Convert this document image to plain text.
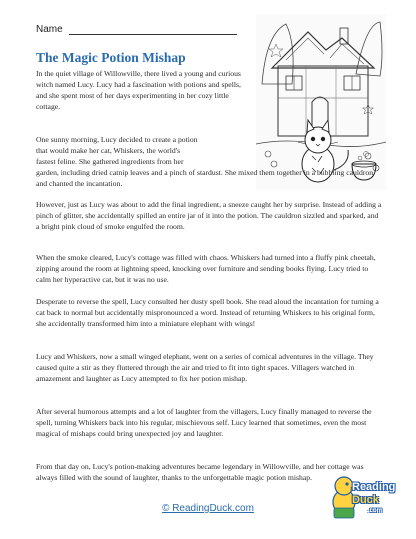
Name
The Magic Potion Mishap

In the quiet village of Willowville, there lived a young and curious witch named Lucy. Lucy had a fascination with potions and spells, and she spent most of her days experimenting in her cozy little cottage.

One sunny morning, Lucy decided to create a potion
that would make her cat, Whiskers, the world's
fastest feline. She gathered ingredients from her
garden, including dried catnip leaves and a pinch of stardust. She mixed them together in a bubbling cauldron and chanted the incantation.

However, just as Lucy was about to add the final ingredient, a sneeze caught her by surprise. Instead of adding a pinch of glitter, she accidentally spilled an entire jar of it into the potion. The cauldron sizzled and sparked, and a bright pink cloud of smoke engulfed the room.

When the smoke cleared, Lucy's cottage was filled with chaos. Whiskers had turned into a fluffy pink cheetah, zipping around the room at lightning speed, knocking over furniture and sending books flying. Lucy tried to calm her hyperactive cat, but it was no use.

Desperate to reverse the spell, Lucy consulted her dusty spell book. She read aloud the incantation for turning a cat back to normal but accidentally mispronounced a word. Instead of returning Whiskers to his original form, she accidentally transformed him into a miniature elephant with wings!

Lucy and Whiskers, now a small winged elephant, went on a series of comical adventures in the village. They caused quite a stir as they fluttered through the air and tried to fit into tight spaces. Villagers watched in amazement and laughter as Lucy attempted to fix her potion mishap.

After several humorous attempts and a lot of laughter from the villagers, Lucy finally managed to reverse the spell, turning Whiskers back into his regular, mischievous self. Lucy learned that sometimes, even the most magical of mishaps could bring unexpected joy and laughter.

From that day on, Lucy's potion-making adventures became legendary in Willowville, and her cottage was always filled with the sound of laughter, thanks to the unforgettable magic potion mishap.

© ReadingDuck.com
Reading
Duck
.com
